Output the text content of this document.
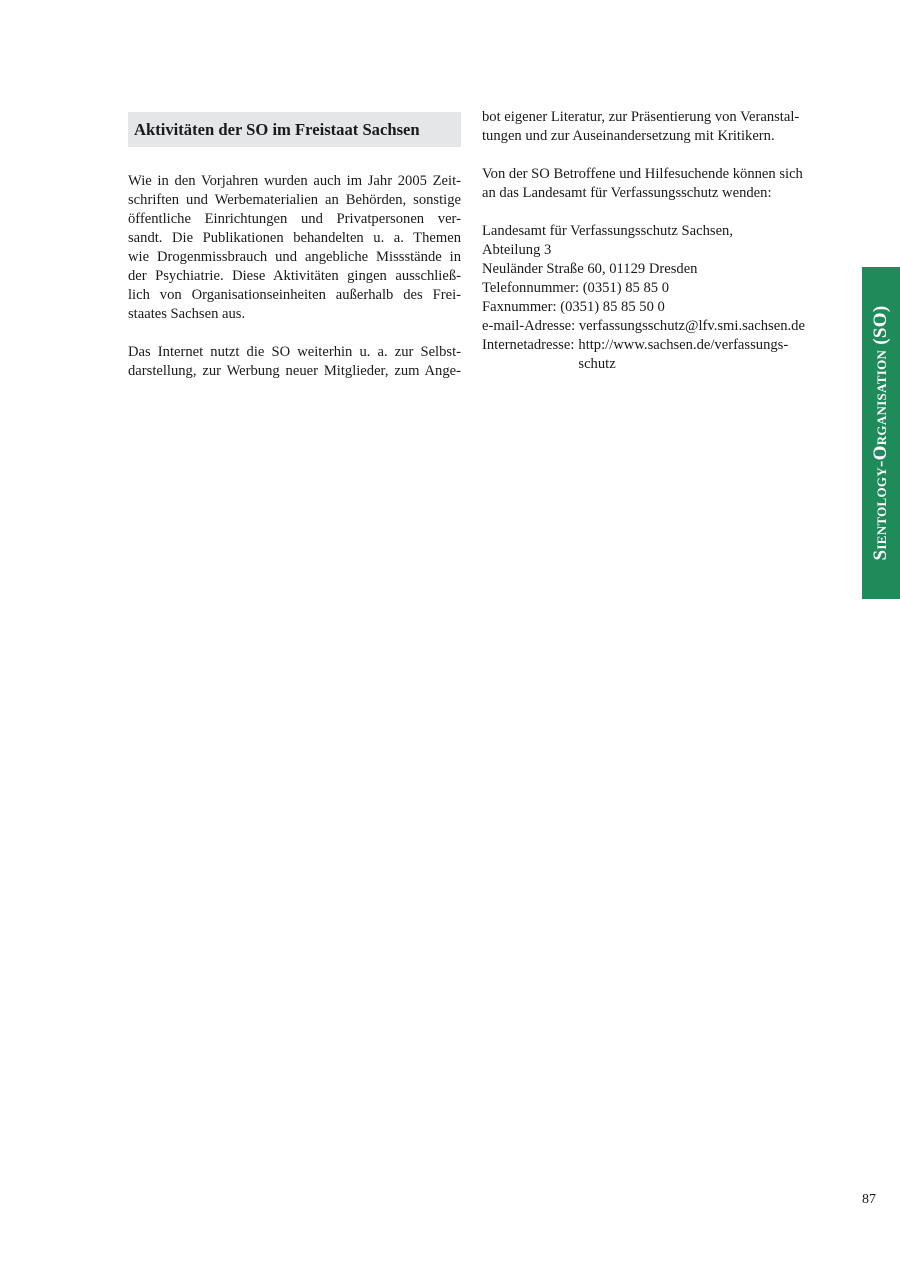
Aktivitäten der SO im Freistaat Sachsen

Wie in den Vorjahren wurden auch im Jahr 2005 Zeit-
schriften und Werbematerialien an Behörden, sonstige
öffentliche Einrichtungen und Privatpersonen ver-
sandt. Die Publikationen behandelten u. a. Themen
wie Drogenmissbrauch und angebliche Missstände in
der Psychiatrie. Diese Aktivitäten gingen ausschließ-
lich von Organisationseinheiten außerhalb des Frei-
staates Sachsen aus.

Das Internet nutzt die SO weiterhin u. a. zur Selbst-
darstellung, zur Werbung neuer Mitglieder, zum Ange-

bot eigener Literatur, zur Präsentierung von Veranstal-
tungen und zur Auseinandersetzung mit Kritikern.

Von der SO Betroffene und Hilfesuchende können sich
an das Landesamt für Verfassungsschutz wenden:

Landesamt für Verfassungsschutz Sachsen,
Abteilung 3
Neuländer Straße 60, 01129 Dresden
Telefonnummer: (0351) 85 85 0
Faxnummer: (0351) 85 85 50 0
e-mail-Adresse: verfassungsschutz@lfv.smi.sachsen.de
Internetadresse: http://www.sachsen.de/verfassungs-
schutz	Sientology-Organisation (SO)
87
